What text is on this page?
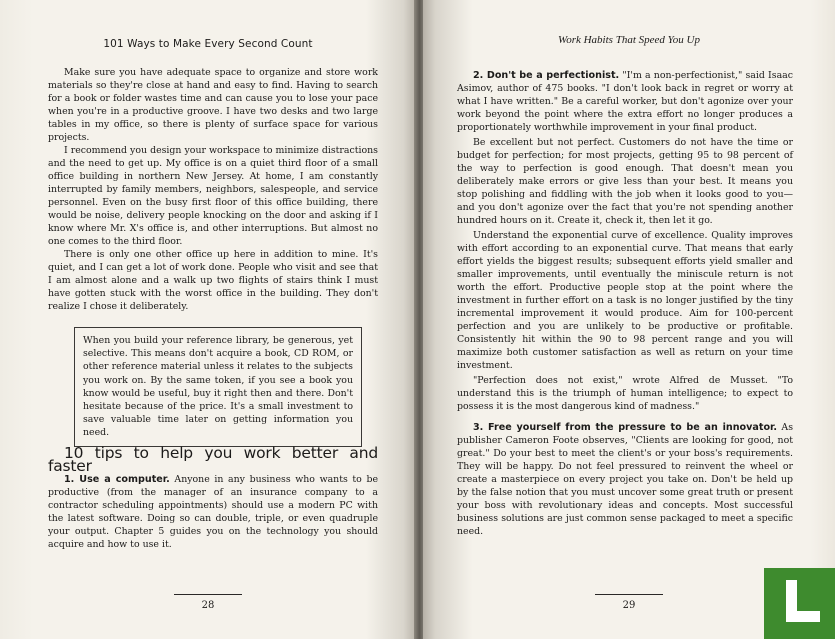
101 Ways to Make Every Second Count

Make sure you have adequate space to organize and store work materials so they're close at hand and easy to find. Having to search for a book or folder wastes time and can cause you to lose your pace when you're in a productive groove. I have two desks and two large tables in my office, so there is plenty of surface space for various projects.

I recommend you design your workspace to minimize distractions and the need to get up. My office is on a quiet third floor of a small office building in northern New Jersey. At home, I am constantly interrupted by family members, neighbors, salespeople, and service personnel. Even on the busy first floor of this office building, there would be noise, delivery people knocking on the door and asking if I know where Mr. X's office is, and other interruptions. But almost no one comes to the third floor.

There is only one other office up here in addition to mine. It's quiet, and I can get a lot of work done. People who visit and see that I am almost alone and a walk up two flights of stairs think I must have gotten stuck with the worst office in the building. They don't realize I chose it deliberately.

When you build your reference library, be generous, yet selective. This means don't acquire a book, CD ROM, or other reference material unless it relates to the subjects you work on. By the same token, if you see a book you know would be useful, buy it right then and there. Don't hesitate because of the price. It's a small investment to save valuable time later on getting information you need.

10 tips to help you work better and faster

1. Use a computer. Anyone in any business who wants to be productive (from the manager of an insurance company to a contractor scheduling appointments) should use a modern PC with the latest software. Doing so can double, triple, or even quadruple your output. Chapter 5 guides you on the technology you should acquire and how to use it.

28

Work Habits That Speed You Up

2. Don't be a perfectionist. "I'm a non-perfectionist," said Isaac Asimov, author of 475 books. "I don't look back in regret or worry at what I have written." Be a careful worker, but don't agonize over your work beyond the point where the extra effort no longer produces a proportionately worthwhile improvement in your final product.

Be excellent but not perfect. Customers do not have the time or budget for perfection; for most projects, getting 95 to 98 percent of the way to perfection is good enough. That doesn't mean you deliberately make errors or give less than your best. It means you stop polishing and fiddling with the job when it looks good to you—and you don't agonize over the fact that you're not spending another hundred hours on it. Create it, check it, then let it go.

Understand the exponential curve of excellence. Quality improves with effort according to an exponential curve. That means that early effort yields the biggest results; subsequent efforts yield smaller and smaller improvements, until eventually the miniscule return is not worth the effort. Productive people stop at the point where the investment in further effort on a task is no longer justified by the tiny incremental improvement it would produce. Aim for 100-percent perfection and you are unlikely to be productive or profitable. Consistently hit within the 90 to 98 percent range and you will maximize both customer satisfaction as well as return on your time investment.

"Perfection does not exist," wrote Alfred de Musset. "To understand this is the triumph of human intelligence; to expect to possess it is the most dangerous kind of madness."

3. Free yourself from the pressure to be an innovator. As publisher Cameron Foote observes, "Clients are looking for good, not great." Do your best to meet the client's or your boss's requirements. They will be happy. Do not feel pressured to reinvent the wheel or create a masterpiece on every project you take on. Don't be held up by the false notion that you must uncover some great truth or present your boss with revolutionary ideas and concepts. Most successful business solutions are just common sense packaged to meet a specific need.

29
